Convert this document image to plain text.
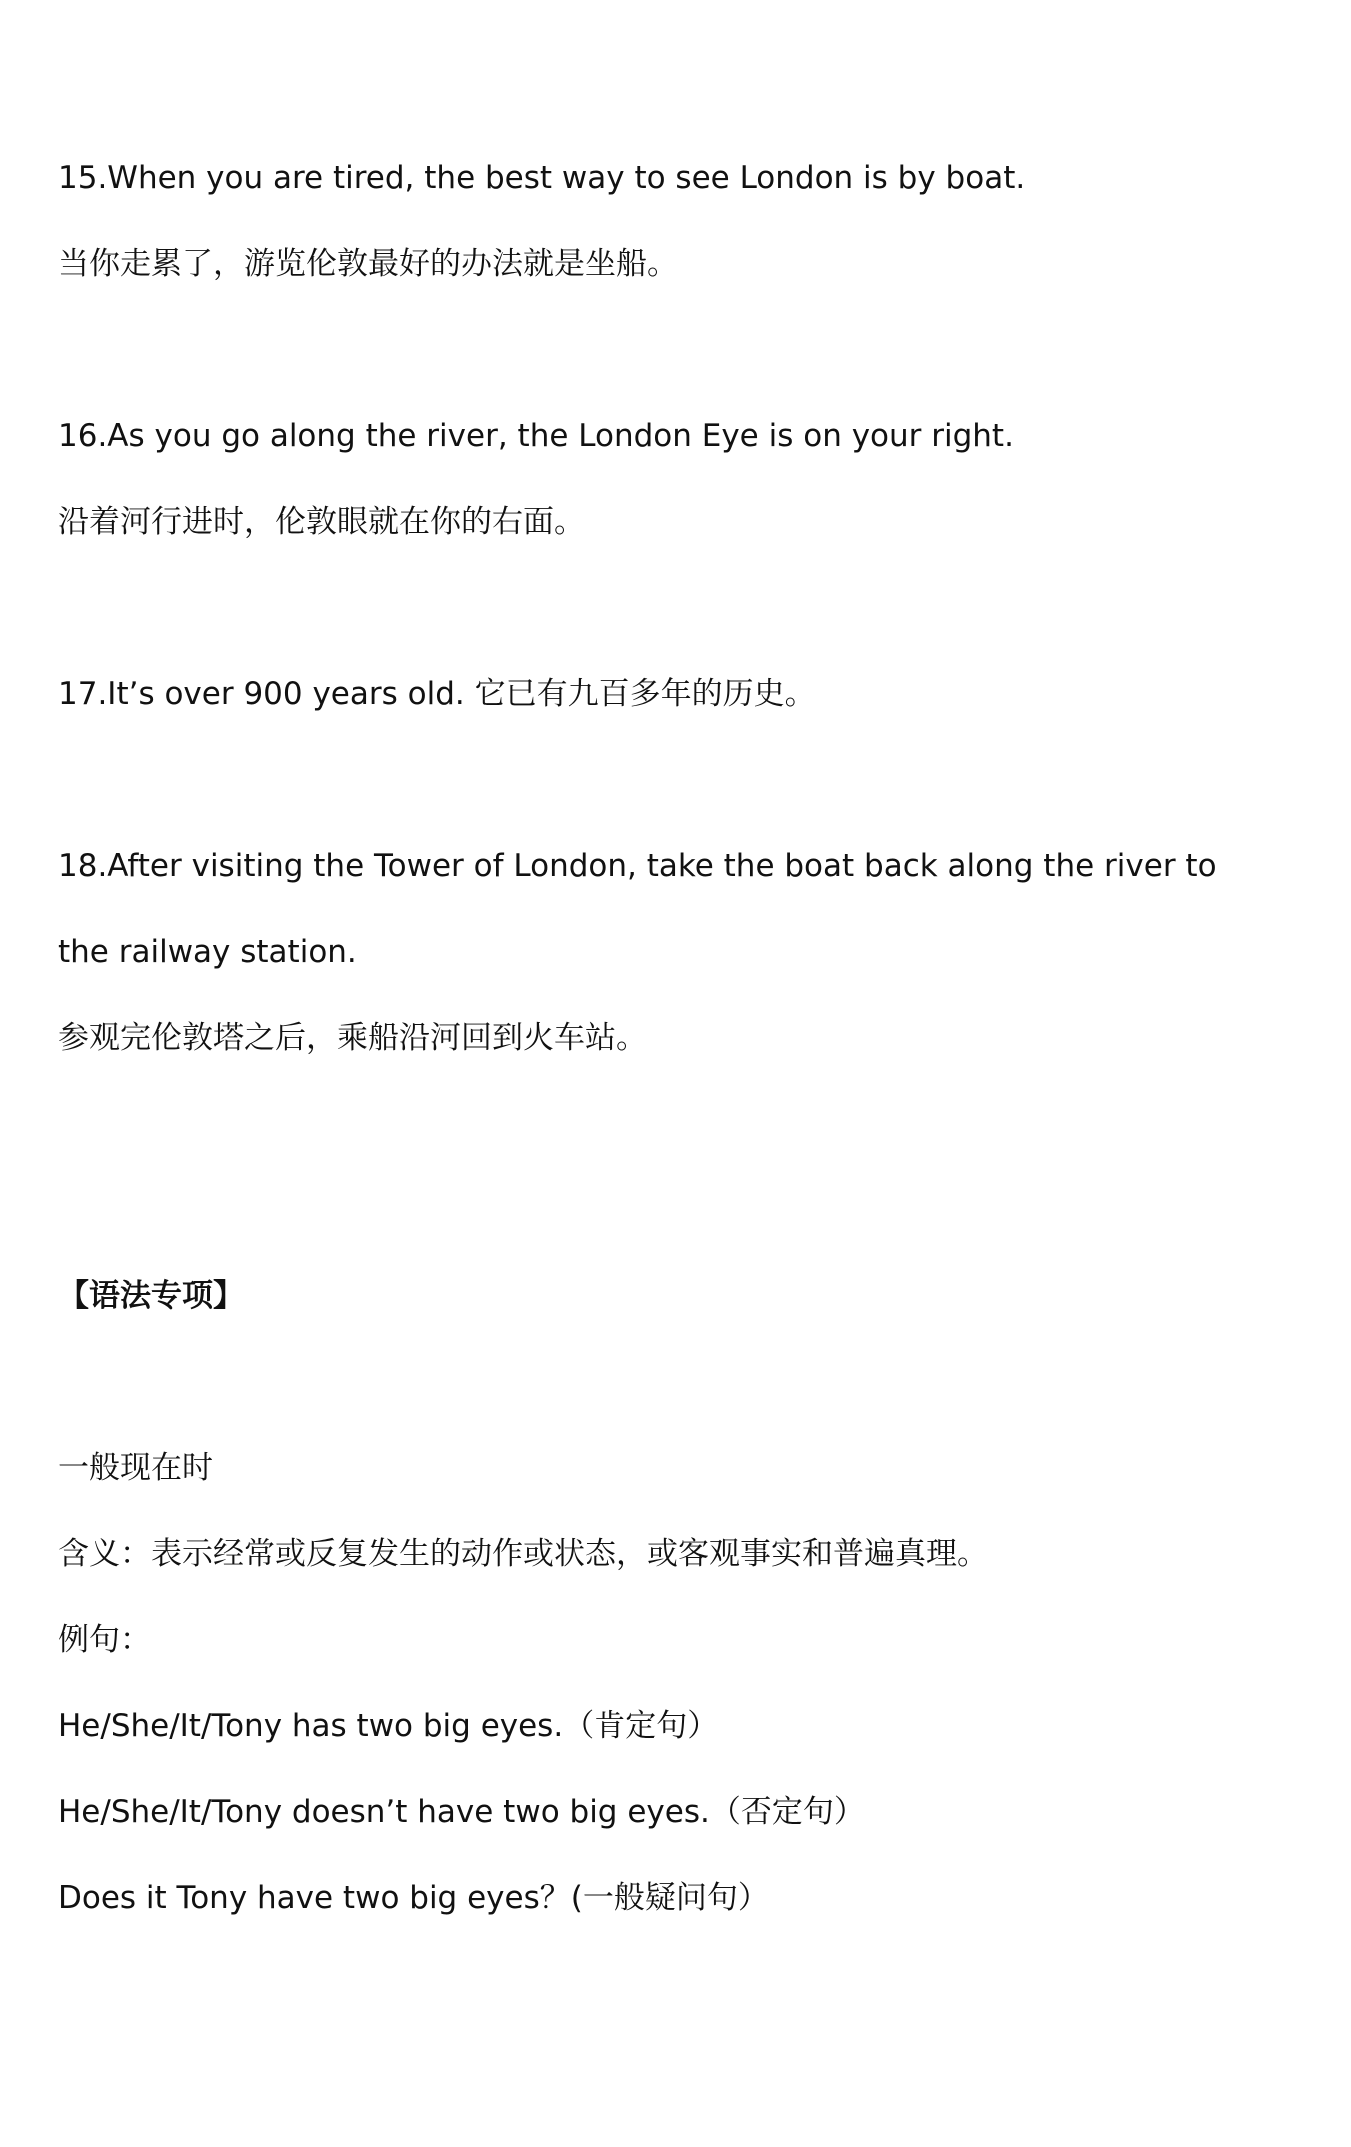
15.When you are tired, the best way to see London is by boat.
当你走累了，游览伦敦最好的办法就是坐船。
16.As you go along the river, the London Eye is on your right.
沿着河行进时，伦敦眼就在你的右面。
17.It’s over 900 years old. 它已有九百多年的历史。
18.After visiting the Tower of London, take the boat back along the river to
the railway station.
参观完伦敦塔之后，乘船沿河回到火车站。
【语法专项】
一般现在时
含义：表示经常或反复发生的动作或状态，或客观事实和普遍真理。
例句：
He/She/It/Tony has two big eyes.（肯定句）
He/She/It/Tony doesn’t have two big eyes.（否定句）
Does it Tony have two big eyes？(一般疑问句）
